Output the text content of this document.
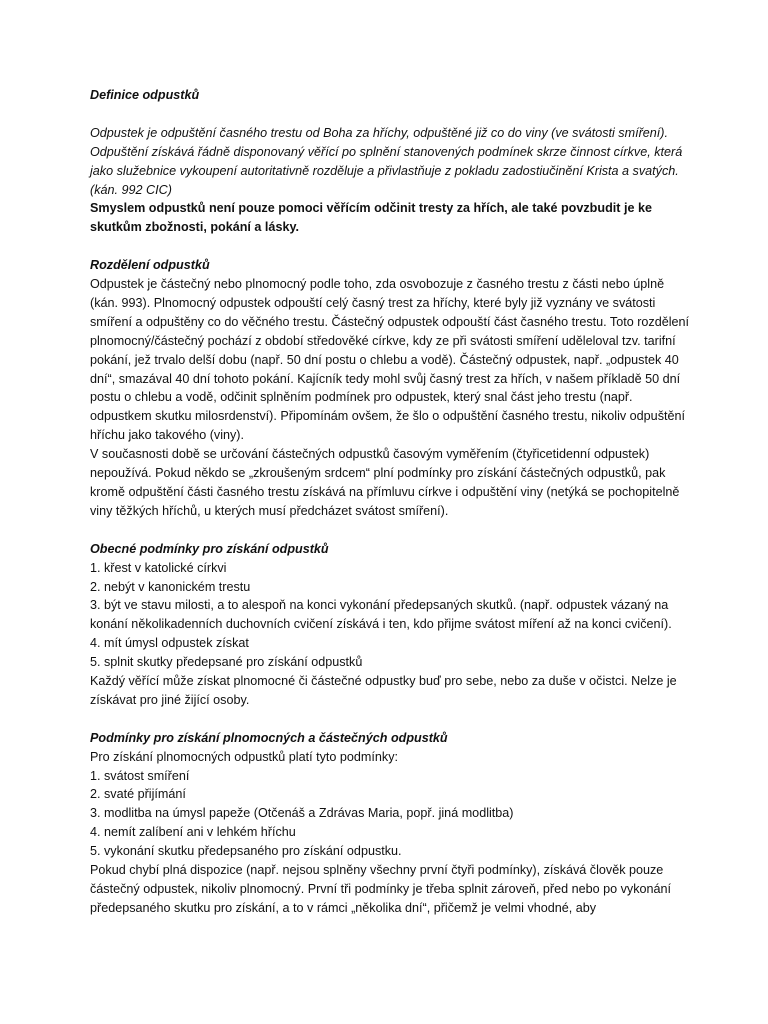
Definice odpustků

Odpustek je odpuštění časného trestu od Boha za hříchy, odpuštěné již co do viny (ve svátosti smíření). Odpuštění získává řádně disponovaný věřící po splnění stanovených podmínek skrze činnost církve, která jako služebnice vykoupení autoritativně rozděluje a přivlastňuje z pokladu zadostiučinění Krista a svatých. (kán. 992 CIC)

Smyslem odpustků není pouze pomoci věřícím odčinit tresty za hřích, ale také povzbudit je ke skutkům zbožnosti, pokání a lásky.

Rozdělení odpustků

Odpustek je částečný nebo plnomocný podle toho, zda osvobozuje z časného trestu z části nebo úplně (kán. 993). Plnomocný odpustek odpouští celý časný trest za hříchy, které byly již vyznány ve svátosti smíření a odpuštěny co do věčného trestu. Částečný odpustek odpouští část časného trestu. Toto rozdělení plnomocný/částečný pochází z období středověké církve, kdy ze při svátosti smíření uděleloval tzv. tarifní pokání, jež trvalo delší dobu (např. 50 dní postu o chlebu a vodě). Částečný odpustek, např. „odpustek 40 dní“, smazával 40 dní tohoto pokání. Kajícník tedy mohl svůj časný trest za hřích, v našem příkladě 50 dní postu o chlebu a vodě, odčinit splněním podmínek pro odpustek, který snal část jeho trestu (např. odpustkem skutku milosrdenství). Připomínám ovšem, že šlo o odpuštění časného trestu, nikoliv odpuštění hříchu jako takového (viny).

V současnosti době se určování částečných odpustků časovým vyměřením (čtyřicetidenní odpustek) nepoužívá. Pokud někdo se „zkroušeným srdcem“ plní podmínky pro získání částečných odpustků, pak kromě odpuštění části časného trestu získává na přímluvu církve i odpuštění viny (netýká se pochopitelně viny těžkých hříchů, u kterých musí předcházet svátost smíření).

Obecné podmínky pro získání odpustků
1. křest v katolické církvi
2. nebýt v kanonickém trestu
3. být ve stavu milosti, a to alespoň na konci vykonání předepsaných skutků. (např. odpustek vázaný na konání několikadenních duchovních cvičení získává i ten, kdo přijme svátost míření až na konci cvičení).
4. mít úmysl odpustek získat
5. splnit skutky předepsané pro získání odpustků

Každý věřící může získat plnomocné či částečné odpustky buď pro sebe, nebo za duše v očistci. Nelze je získávat pro jiné žijící osoby.

Podmínky pro získání plnomocných a částečných odpustků
Pro získání plnomocných odpustků platí tyto podmínky:
1. svátost smíření
2. svaté přijímání
3. modlitba na úmysl papeže (Otčenáš a Zdrávas Maria, popř. jiná modlitba)
4. nemít zalíbení ani v lehkém hříchu
5. vykonání skutku předepsaného pro získání odpustku.

Pokud chybí plná dispozice (např. nejsou splněny všechny první čtyři podmínky), získává člověk pouze částečný odpustek, nikoliv plnomocný. První tři podmínky je třeba splnit zároveň, před nebo po vykonání předepsaného skutku pro získání, a to v rámci „několika dní“, přičemž je velmi vhodné, aby
